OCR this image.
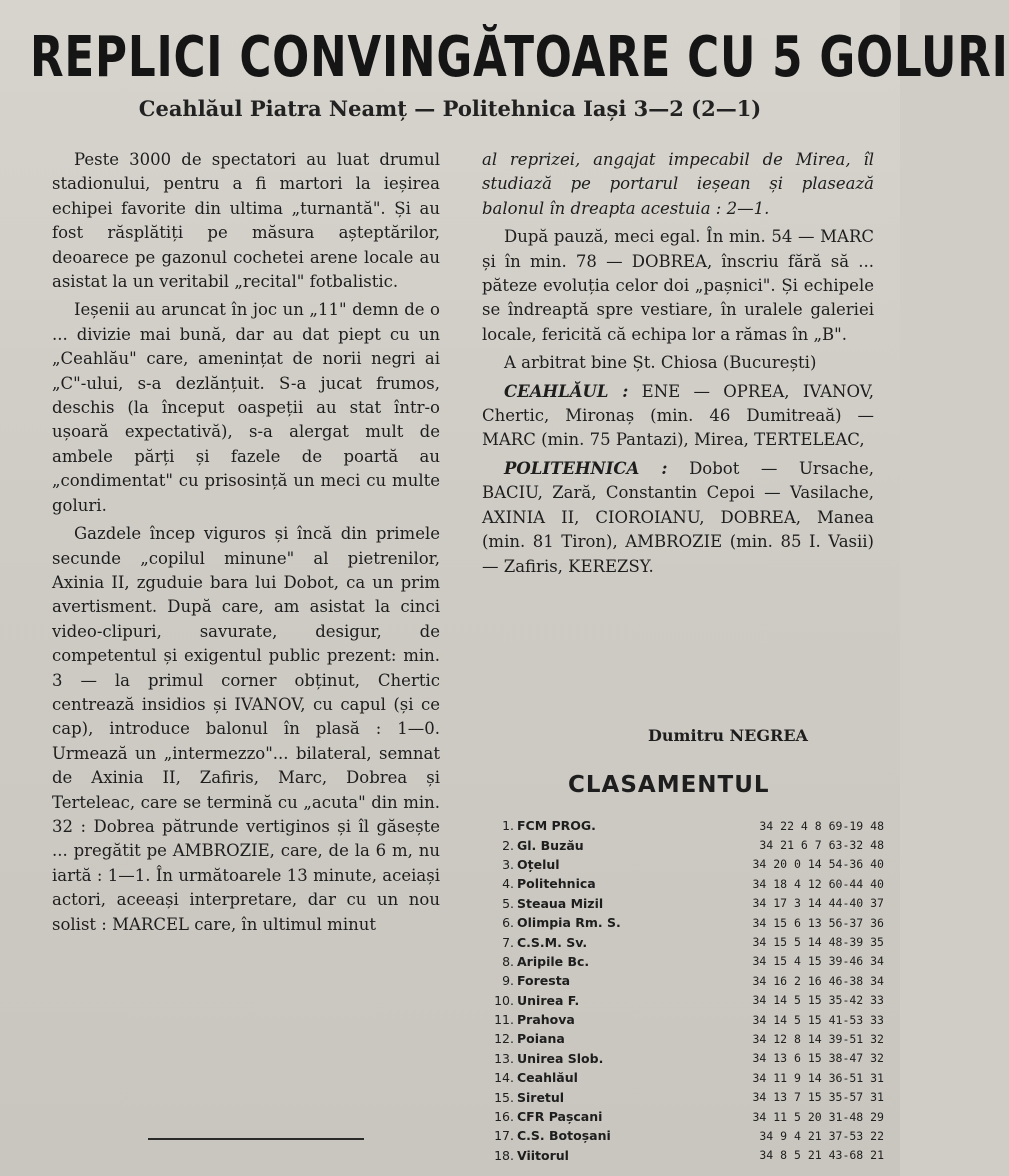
REPLICI CONVINGĂTOARE CU 5 GOLURI
Ceahlăul Piatra Neamț — Politehnica Iași 3—2 (2—1)

Peste 3000 de spectatori au luat drumul stadionului, pentru a fi martori la ieșirea echipei favorite din ultima „turnantă". Și au fost răsplătiți pe măsura așteptărilor, deoarece pe gazonul cochetei arene locale au asistat la un veritabil „recital" fotbalistic.

Ieșenii au aruncat în joc un „11" demn de o ... divizie mai bună, dar au dat piept cu un „Ceahlău" care, amenințat de norii negri ai „C"-ului, s-a dezlănțuit. S-a jucat frumos, deschis (la început oaspeții au stat într-o ușoară expectativă), s-a alergat mult de ambele părți și fazele de poartă au „condimentat" cu prisosință un meci cu multe goluri.

Gazdele încep viguros și încă din primele secunde „copilul minune" al pietrenilor, Axinia II, zguduie bara lui Dobot, ca un prim avertisment. După care, am asistat la cinci video-clipuri, savurate, desigur, de competentul și exigentul public prezent: min. 3 — la primul corner obținut, Chertic centrează insidios și IVANOV, cu capul (și ce cap), introduce balonul în plasă : 1—0. Urmează un „intermezzo"... bilateral, semnat de Axinia II, Zafiris, Marc, Dobrea și Terteleac, care se termină cu „acuta" din min. 32 : Dobrea pătrunde vertiginos și îl găsește ... pregătit pe AMBROZIE, care, de la 6 m, nu iartă : 1—1. În următoarele 13 minute, aceiași actori, aceeași interpretare, dar cu un nou solist : MARCEL care, în ultimul minut

al reprizei, angajat impecabil de Mirea, îl studiază pe portarul ieșean și plasează balonul în dreapta acestuia : 2—1.

După pauză, meci egal. În min. 54 — MARC și în min. 78 — DOBREA, înscriu fără să ... păteze evoluția celor doi „pașnici". Și echipele se îndreaptă spre vestiare, în uralele galeriei locale, fericită că echipa lor a rămas în „B".

A arbitrat bine Șt. Chiosa (București)

CEAHLĂUL : ENE — OPREA, IVANOV, Chertic, Mironaș (min. 46 Dumitreaă) — MARC (min. 75 Pantazi), Mirea, TERTELEAC,

POLITEHNICA : Dobot — Ursache, BACIU, Zară, Constantin Cepoi — Vasilache, AXINIA II, CIOROIANU, DOBREA, Manea (min. 81 Tiron), AMBROZIE (min. 85 I. Vasii) — Zafiris, KEREZSY.

Dumitru NEGREA
CLASAMENTUL
1.	FCM PROG.	34 22 4 8 69-19 48
2.	Gl. Buzău	34 21 6 7 63-32 48
3.	Oțelul	34 20 0 14 54-36 40
4.	Politehnica	34 18 4 12 60-44 40
5.	Steaua Mizil	34 17 3 14 44-40 37
6.	Olimpia Rm. S.	34 15 6 13 56-37 36
7.	C.S.M. Sv.	34 15 5 14 48-39 35
8.	Aripile Bc.	34 15 4 15 39-46 34
9.	Foresta	34 16 2 16 46-38 34
10.	Unirea F.	34 14 5 15 35-42 33
11.	Prahova	34 14 5 15 41-53 33
12.	Poiana	34 12 8 14 39-51 32
13.	Unirea Slob.	34 13 6 15 38-47 32
14.	Ceahlăul	34 11 9 14 36-51 31
15.	Siretul	34 13 7 15 35-57 31
16.	CFR Pașcani	34 11 5 20 31-48 29
17.	C.S. Botoșani	34 9 4 21 37-53 22
18.	Viitorul	34 8 5 21 43-68 21
